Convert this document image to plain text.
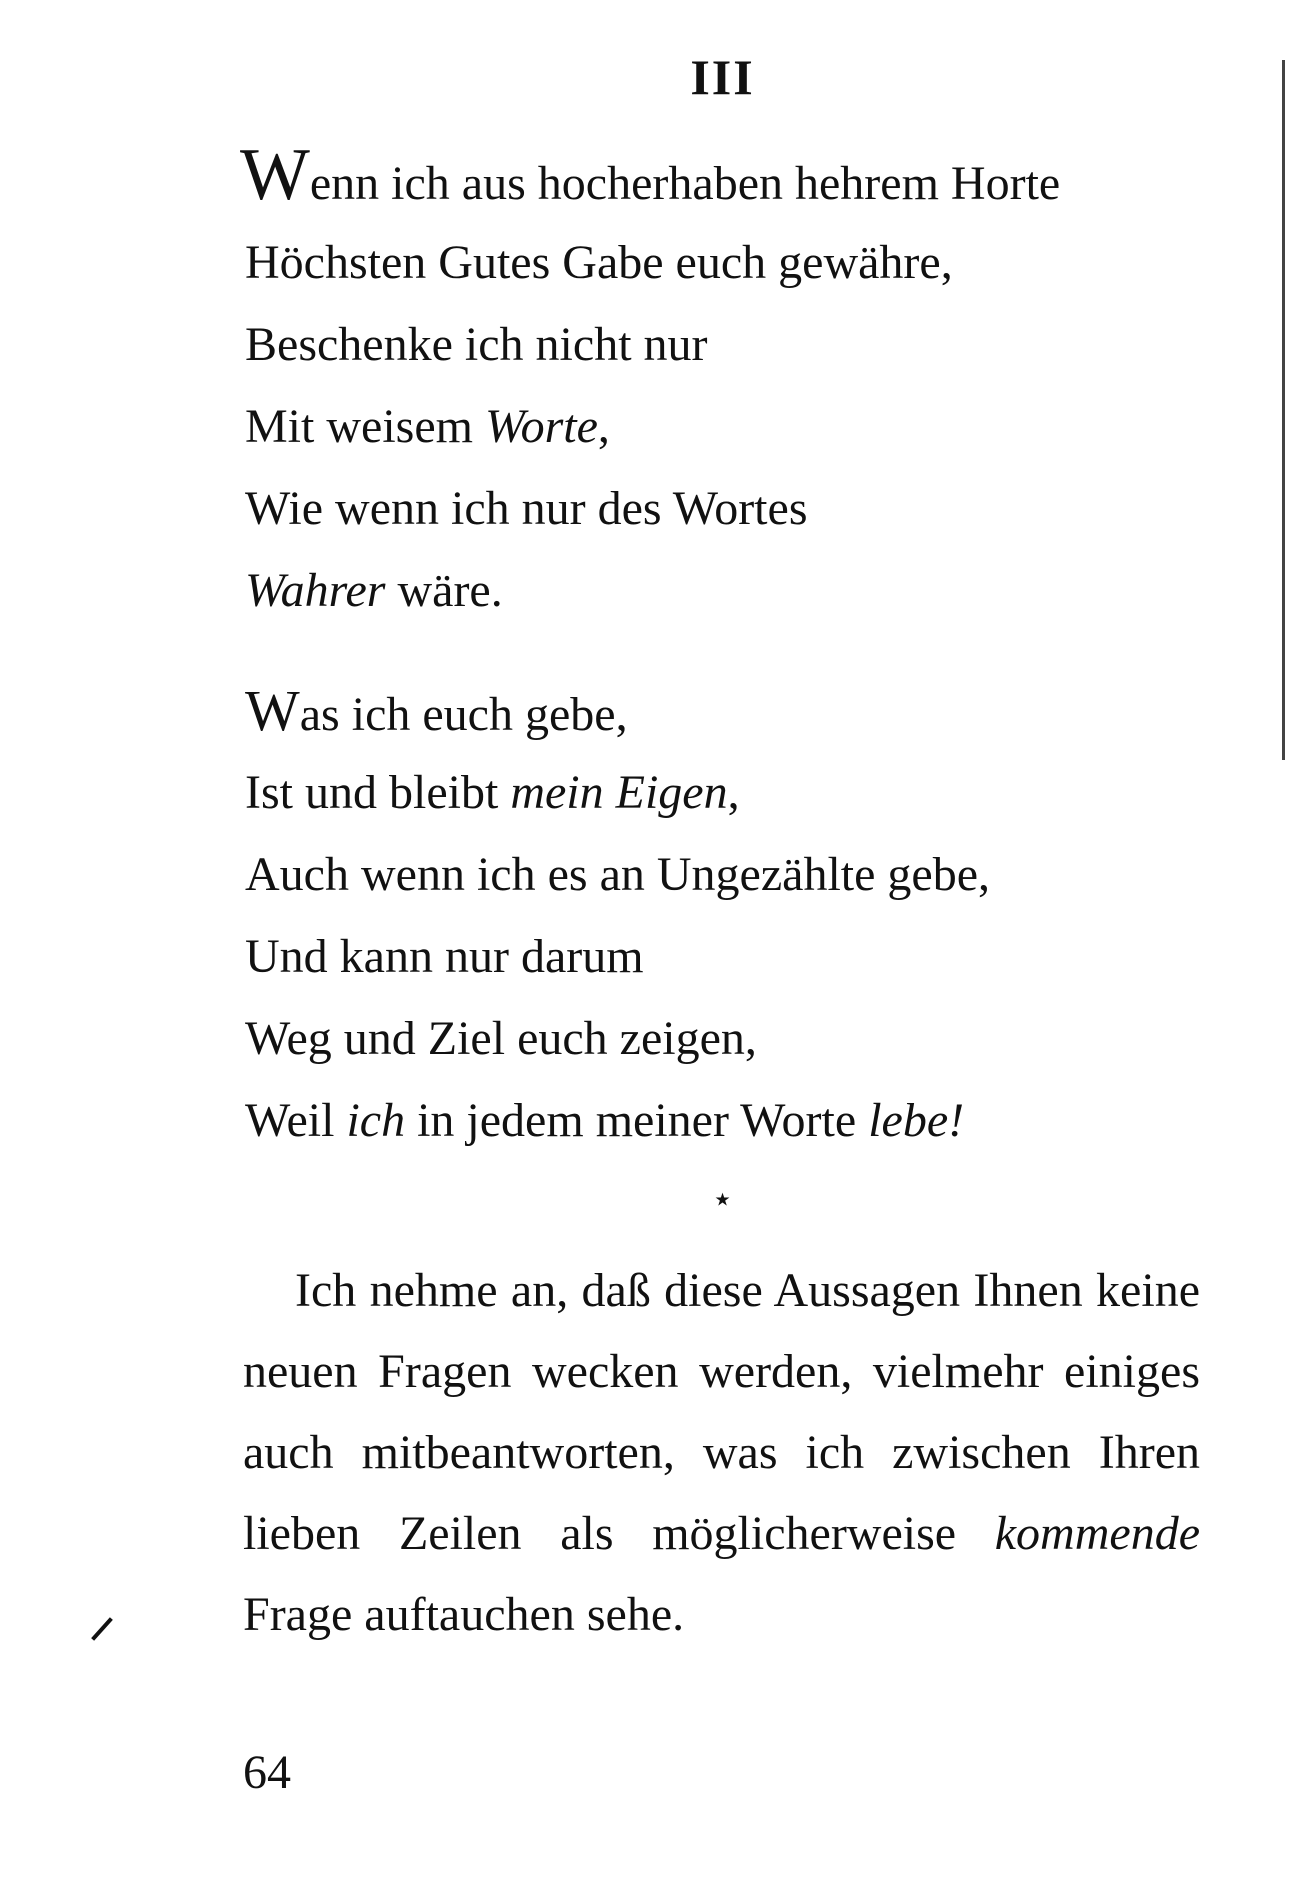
III
Wenn ich aus hocherhaben hehrem Horte
Höchsten Gutes Gabe euch gewähre,
Beschenke ich nicht nur
Mit weisem Worte,
Wie wenn ich nur des Wortes
Wahrer wäre.
Was ich euch gebe,
Ist und bleibt mein Eigen,
Auch wenn ich es an Ungezählte gebe,
Und kann nur darum
Weg und Ziel euch zeigen,
Weil ich in jedem meiner Worte lebe!
⋆

Ich nehme an, daß diese Aussagen Ihnen keine neuen Fragen wecken werden, vielmehr einiges auch mitbeantworten, was ich zwischen Ihren lieben Zeilen als möglicherweise kommende Frage auftauchen sehe.

64
